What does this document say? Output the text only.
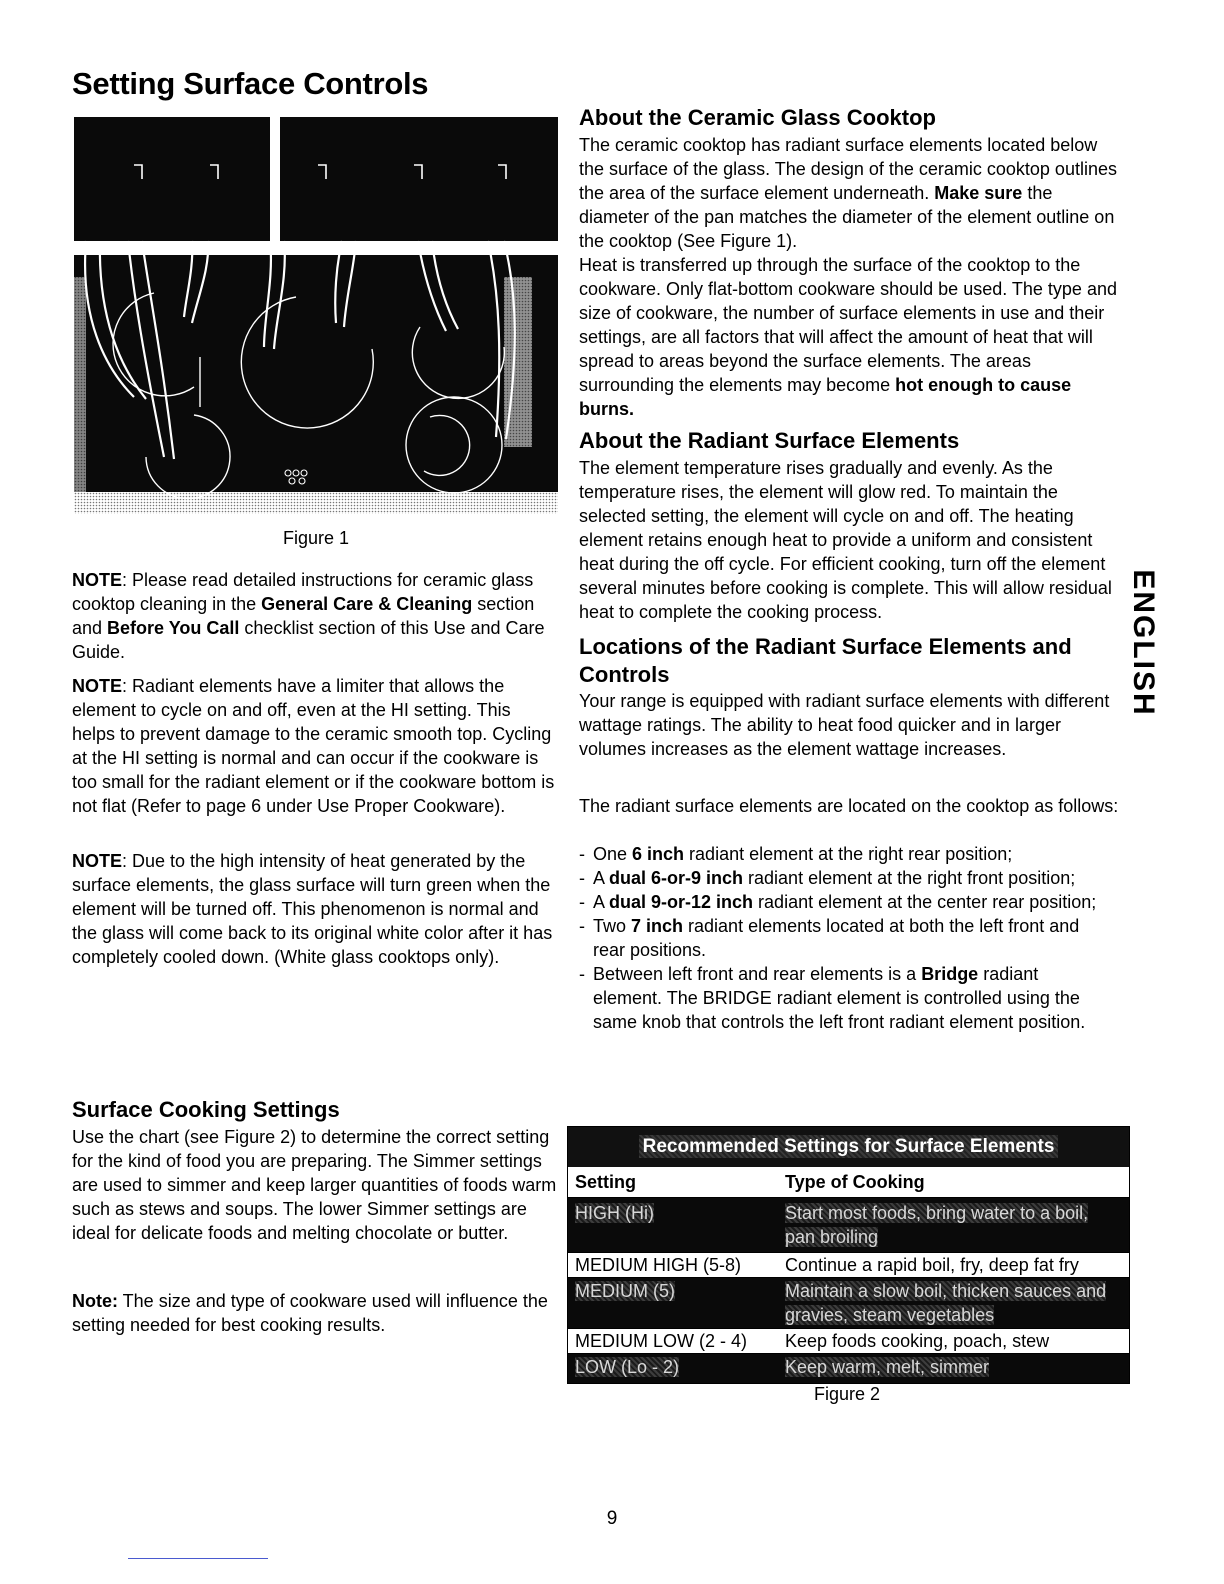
Setting Surface Controls
Figure 1

NOTE: Please read detailed instructions for ceramic glass cooktop cleaning in the General Care & Cleaning section and Before You Call checklist section of this Use and Care Guide.

NOTE: Radiant elements have a limiter that allows the element to cycle on and off, even at the HI setting. This helps to prevent damage to the ceramic smooth top. Cycling at the HI setting is normal and can occur if the cookware is too small for the radiant element or if the cookware bottom is not flat (Refer to page 6 under Use Proper Cookware).

NOTE: Due to the high intensity of heat generated by the surface elements, the glass surface will turn green when the element will be turned off. This phenomenon is normal and the glass will come back to its original white color after it has completely cooled down. (White glass cooktops only).

Surface Cooking Settings

Use the chart (see Figure 2) to determine the correct setting for the kind of food you are preparing. The Simmer settings are used to simmer and keep larger quantities of foods warm such as stews and soups. The lower Simmer settings are ideal for delicate foods and melting chocolate or butter.

Note: The size and type of cookware used will influence the setting needed for best cooking results.

About the Ceramic Glass Cooktop

The ceramic cooktop has radiant surface elements located below the surface of the glass. The design of the ceramic cooktop outlines the area of the surface element underneath. Make sure the diameter of the pan matches the diameter of the element outline on the cooktop (See Figure 1).

Heat is transferred up through the surface of the cooktop to the cookware. Only flat-bottom cookware should be used. The type and size of cookware, the number of surface elements in use and their settings, are all factors that will affect the amount of heat that will spread to areas beyond the surface elements. The areas surrounding the elements may become hot enough to cause burns.

About the Radiant Surface Elements

The element temperature rises gradually and evenly. As the temperature rises, the element will glow red. To maintain the selected setting, the element will cycle on and off. The heating element retains enough heat to provide a uniform and consistent heat during the off cycle. For efficient cooking, turn off the element several minutes before cooking is complete. This will allow residual heat to complete the cooking process.

Locations of the Radiant Surface Elements and Controls

Your range is equipped with radiant surface elements with different wattage ratings. The ability to heat food quicker and in larger volumes increases as the element wattage increases.

The radiant surface elements are located on the cooktop as follows:

- One 6 inch radiant element at the right rear position;
- A dual 6-or-9 inch radiant element at the right front position;
- A dual 9-or-12 inch radiant element at the center rear position;
- Two 7 inch radiant elements located at both the left front and rear positions.
- Between left front and rear elements is a Bridge radiant element. The BRIDGE radiant element is controlled using the same knob that controls the left front radiant element position.
ENGLISH
Recommended Settings for Surface Elements
Setting	Type of Cooking
HIGH (Hi)	Start most foods, bring water to a boil, pan broiling
MEDIUM HIGH (5-8)	Continue a rapid boil, fry, deep fat fry
MEDIUM (5)	Maintain a slow boil, thicken sauces and gravies, steam vegetables
MEDIUM LOW (2 - 4)	Keep foods cooking, poach, stew
LOW (Lo - 2)	Keep warm, melt, simmer
Figure 2
9
